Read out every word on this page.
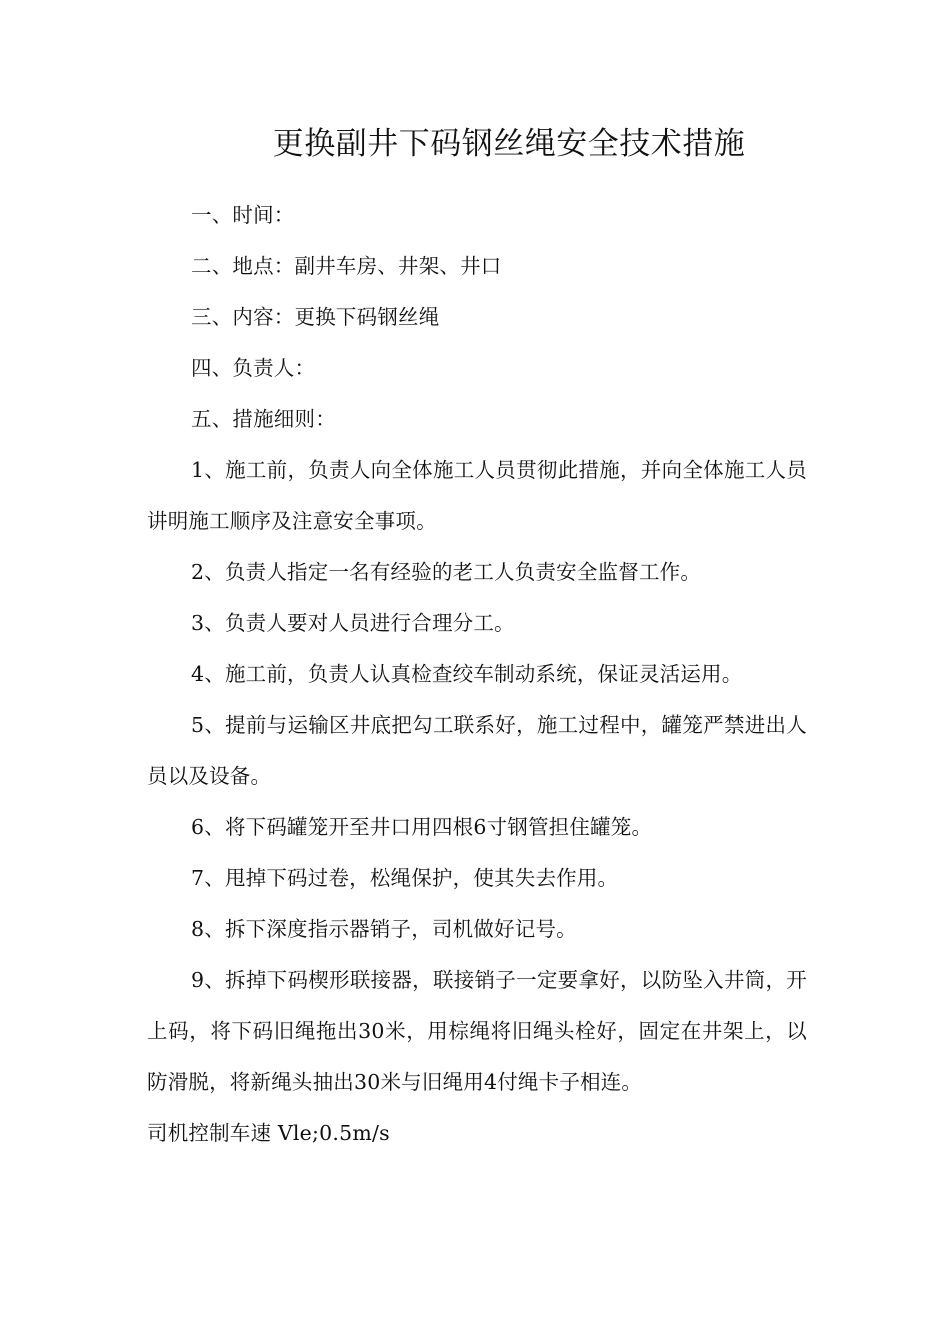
更换副井下码钢丝绳安全技术措施

一、时间：

二、地点：副井车房、井架、井口

三、内容：更换下码钢丝绳

四、负责人：

五、措施细则：

1、施工前，负责人向全体施工人员贯彻此措施，并向全体施工人员讲明施工顺序及注意安全事项。

2、负责人指定一名有经验的老工人负责安全监督工作。

3、负责人要对人员进行合理分工。

4、施工前，负责人认真检查绞车制动系统，保证灵活运用。

5、提前与运输区井底把勾工联系好，施工过程中，罐笼严禁进出人员以及设备。

6、将下码罐笼开至井口用四根6寸钢管担住罐笼。

7、甩掉下码过卷，松绳保护，使其失去作用。

8、拆下深度指示器销子，司机做好记号。

9、拆掉下码楔形联接器，联接销子一定要拿好，以防坠入井筒，开上码，将下码旧绳拖出30米，用棕绳将旧绳头栓好，固定在井架上，以防滑脱，将新绳头抽出30米与旧绳用4付绳卡子相连。

司机控制车速 Vle;0.5m/s
